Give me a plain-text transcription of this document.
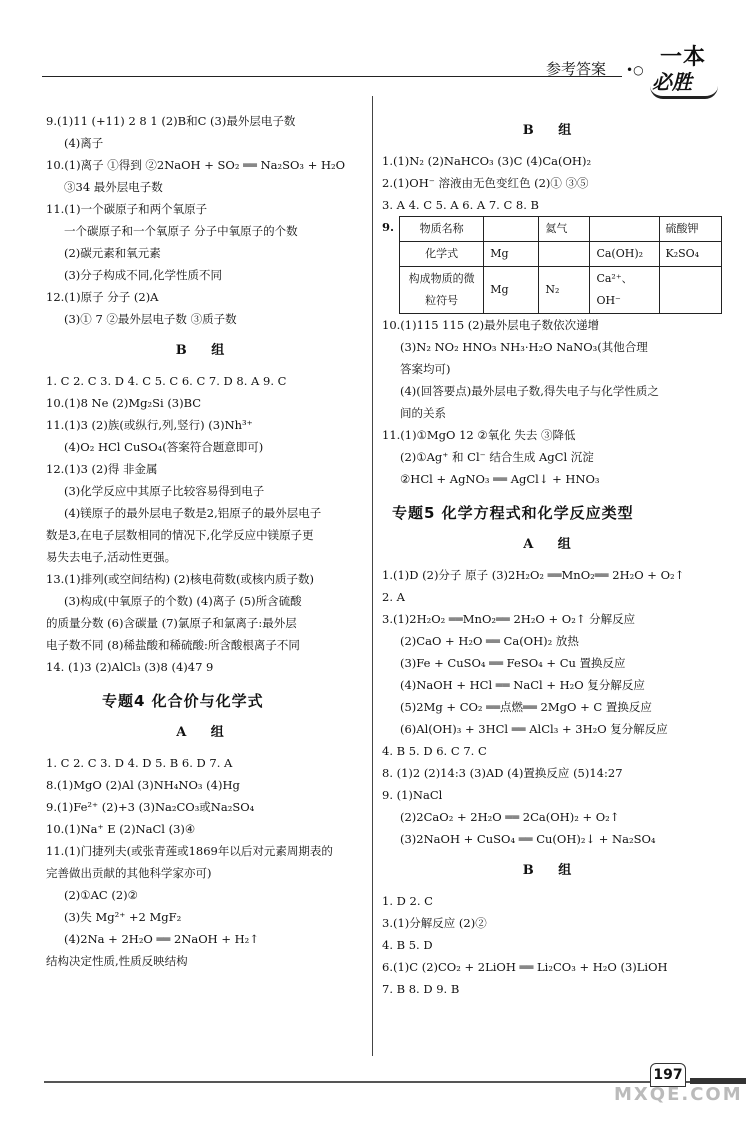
参考答案 •○ 一本
必胜
9.(1)11 (+11) 2 8 1 (2)B和C (3)最外层电子数
(4)离子
10.(1)离子 ①得到 ②2NaOH + SO₂ ══ Na₂SO₃ + H₂O
③34 最外层电子数
11.(1)一个碳原子和两个氧原子
一个碳原子和一个氧原子 分子中氧原子的个数
(2)碳元素和氧元素
(3)分子构成不同,化学性质不同
12.(1)原子 分子 (2)A
(3)① 7 ②最外层电子数 ③质子数
B 组
1. C 2. C 3. D 4. C 5. C 6. C 7. D 8. A 9. C
10.(1)8 Ne (2)Mg₂Si (3)BC
11.(1)3 (2)族(或纵行,列,竖行) (3)Nh³⁺
(4)O₂ HCl CuSO₄(答案符合题意即可)
12.(1)3 (2)得 非金属
(3)化学反应中其原子比较容易得到电子
(4)镁原子的最外层电子数是2,铝原子的最外层电子
数是3,在电子层数相同的情况下,化学反应中镁原子更
易失去电子,活动性更强。
13.(1)排列(或空间结构) (2)核电荷数(或核内质子数)
(3)构成(中氧原子的个数) (4)离子 (5)所含硫酸
的质量分数 (6)含碳量 (7)氯原子和氯离子:最外层
电子数不同 (8)稀盐酸和稀硫酸:所含酸根离子不同
14. (1)3 (2)AlCl₃ (3)8 (4)47 9
专题4 化合价与化学式
A 组
1. C 2. C 3. D 4. D 5. B 6. D 7. A
8.(1)MgO (2)Al (3)NH₄NO₃ (4)Hg
9.(1)Fe²⁺ (2)+3 (3)Na₂CO₃或Na₂SO₄
10.(1)Na⁺ E (2)NaCl (3)④
11.(1)门捷列夫(或张青莲或1869年以后对元素周期表的
完善做出贡献的其他科学家亦可)
(2)①AC (2)②
(3)失 Mg²⁺ +2 MgF₂
(4)2Na + 2H₂O ══ 2NaOH + H₂↑
结构决定性质,性质反映结构
B 组
1.(1)N₂ (2)NaHCO₃ (3)C (4)Ca(OH)₂
2.(1)OH⁻ 溶液由无色变红色 (2)① ③⑤
3. A 4. C 5. A 6. A 7. C 8. B
9.	物质名称		氦气		硫酸钾
化学式	Mg		Ca(OH)₂	K₂SO₄
构成物质的微粒符号	Mg	N₂	Ca²⁺、OH⁻	
10.(1)115 115 (2)最外层电子数依次递增
(3)N₂ NO₂ HNO₃ NH₃·H₂O NaNO₃(其他合理
答案均可)
(4)(回答要点)最外层电子数,得失电子与化学性质之
间的关系
11.(1)①MgO 12 ②氧化 失去 ③降低
(2)①Ag⁺ 和 Cl⁻ 结合生成 AgCl 沉淀
②HCl + AgNO₃ ══ AgCl↓ + HNO₃
专题5 化学方程式和化学反应类型
A 组
1.(1)D (2)分子 原子 (3)2H₂O₂ ══MnO₂══ 2H₂O + O₂↑
2. A
3.(1)2H₂O₂ ══MnO₂══ 2H₂O + O₂↑ 分解反应
(2)CaO + H₂O ══ Ca(OH)₂ 放热
(3)Fe + CuSO₄ ══ FeSO₄ + Cu 置换反应
(4)NaOH + HCl ══ NaCl + H₂O 复分解反应
(5)2Mg + CO₂ ══点燃══ 2MgO + C 置换反应
(6)Al(OH)₃ + 3HCl ══ AlCl₃ + 3H₂O 复分解反应
4. B 5. D 6. C 7. C
8. (1)2 (2)14:3 (3)AD (4)置换反应 (5)14:27
9. (1)NaCl
(2)2CaO₂ + 2H₂O ══ 2Ca(OH)₂ + O₂↑
(3)2NaOH + CuSO₄ ══ Cu(OH)₂↓ + Na₂SO₄
B 组
1. D 2. C
3.(1)分解反应 (2)②
4. B 5. D
6.(1)C (2)CO₂ + 2LiOH ══ Li₂CO₃ + H₂O (3)LiOH
7. B 8. D 9. B
197
MXQE.COM
